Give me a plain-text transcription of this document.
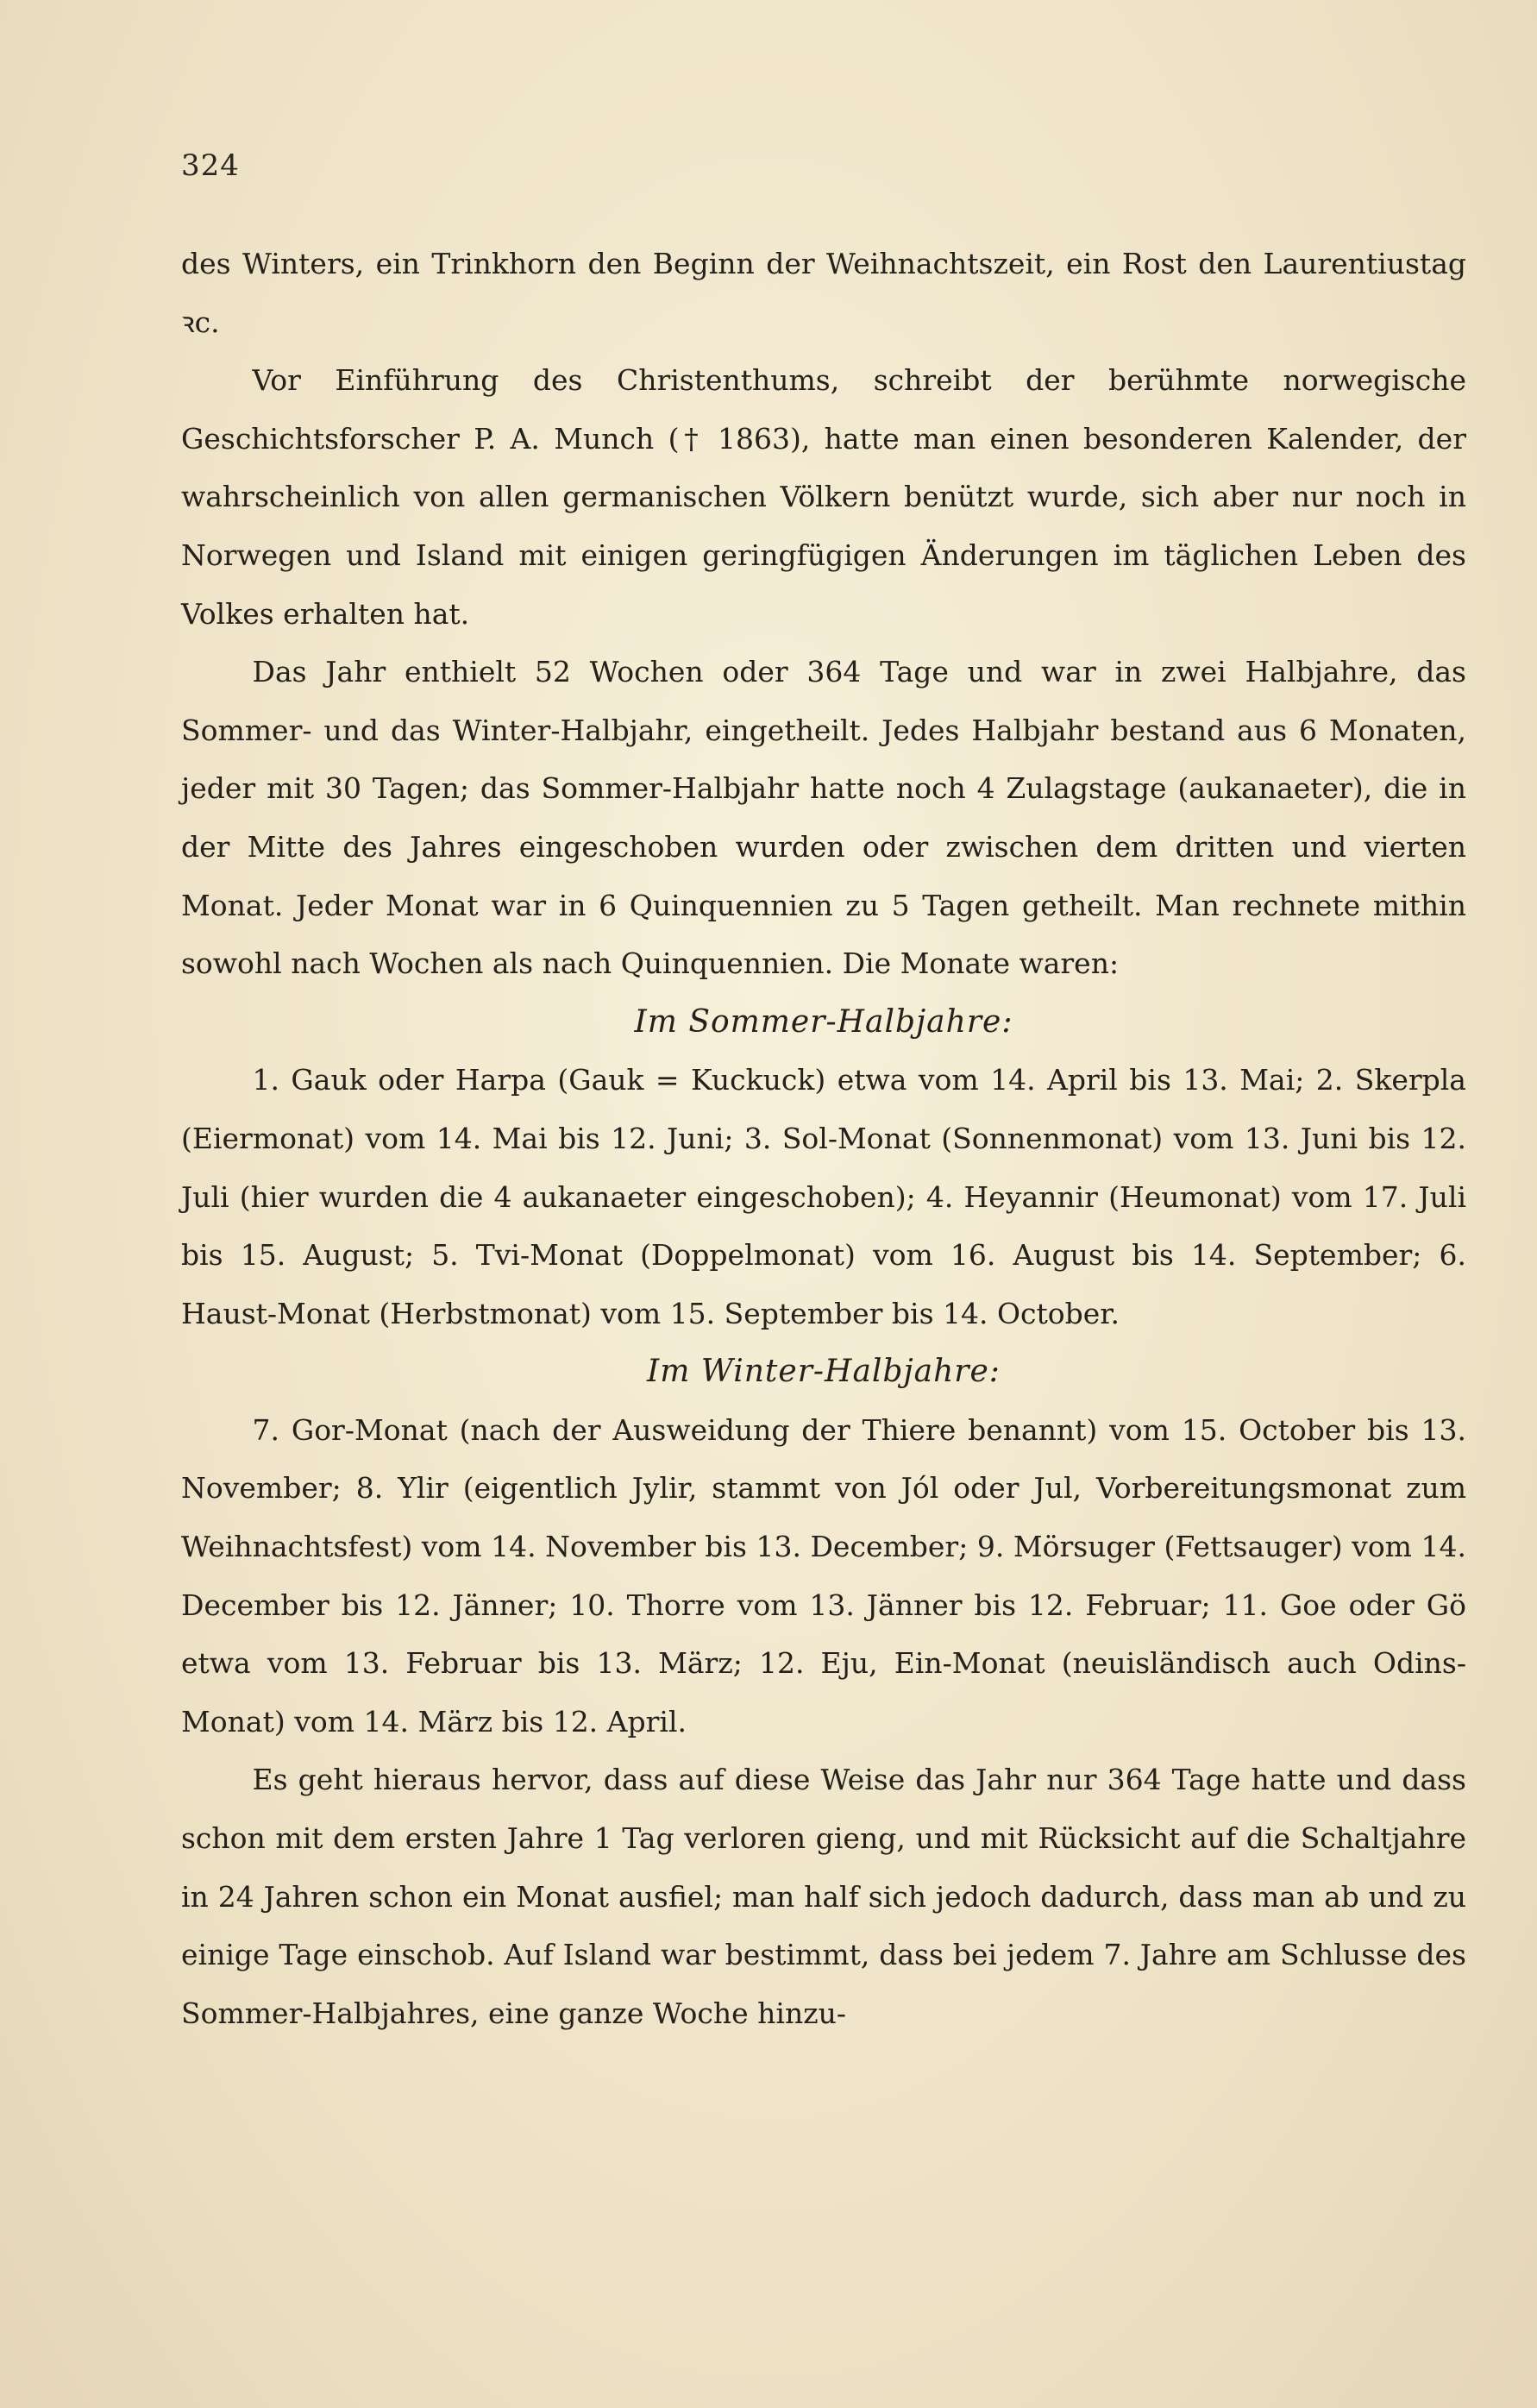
324

des Winters, ein Trinkhorn den Beginn der Weihnachtszeit, ein Rost den Laurentiustag ꝛc.

Vor Einführung des Christenthums, schreibt der berühmte norwegische Geschichtsforscher P. A. Munch († 1863), hatte man einen besonderen Kalender, der wahrscheinlich von allen germanischen Völkern benützt wurde, sich aber nur noch in Norwegen und Island mit einigen geringfügigen Änderungen im täglichen Leben des Volkes erhalten hat.

Das Jahr enthielt 52 Wochen oder 364 Tage und war in zwei Halbjahre, das Sommer- und das Winter-Halbjahr, eingetheilt. Jedes Halbjahr bestand aus 6 Monaten, jeder mit 30 Tagen; das Sommer-Halbjahr hatte noch 4 Zulagstage (aukanaeter), die in der Mitte des Jahres eingeschoben wurden oder zwischen dem dritten und vierten Monat. Jeder Monat war in 6 Quinquennien zu 5 Tagen getheilt. Man rechnete mithin sowohl nach Wochen als nach Quinquennien. Die Monate waren:

Im Sommer-Halbjahre:

1. Gauk oder Harpa (Gauk = Kuckuck) etwa vom 14. April bis 13. Mai; 2. Skerpla (Eiermonat) vom 14. Mai bis 12. Juni; 3. Sol-Monat (Sonnenmonat) vom 13. Juni bis 12. Juli (hier wurden die 4 aukanaeter eingeschoben); 4. Heyannir (Heumonat) vom 17. Juli bis 15. August; 5. Tvi-Monat (Doppelmonat) vom 16. August bis 14. September; 6. Haust-Monat (Herbstmonat) vom 15. September bis 14. October.

Im Winter-Halbjahre:

7. Gor-Monat (nach der Ausweidung der Thiere benannt) vom 15. October bis 13. November; 8. Ylir (eigentlich Jylir, stammt von Jól oder Jul, Vorbereitungsmonat zum Weihnachtsfest) vom 14. November bis 13. December; 9. Mörsuger (Fettsauger) vom 14. December bis 12. Jänner; 10. Thorre vom 13. Jänner bis 12. Februar; 11. Goe oder Gö etwa vom 13. Februar bis 13. März; 12. Eju, Ein-Monat (neuisländisch auch Odins-Monat) vom 14. März bis 12. April.

Es geht hieraus hervor, dass auf diese Weise das Jahr nur 364 Tage hatte und dass schon mit dem ersten Jahre 1 Tag verloren gieng, und mit Rücksicht auf die Schaltjahre in 24 Jahren schon ein Monat ausfiel; man half sich jedoch dadurch, dass man ab und zu einige Tage einschob. Auf Island war bestimmt, dass bei jedem 7. Jahre am Schlusse des Sommer-Halbjahres, eine ganze Woche hinzu-
